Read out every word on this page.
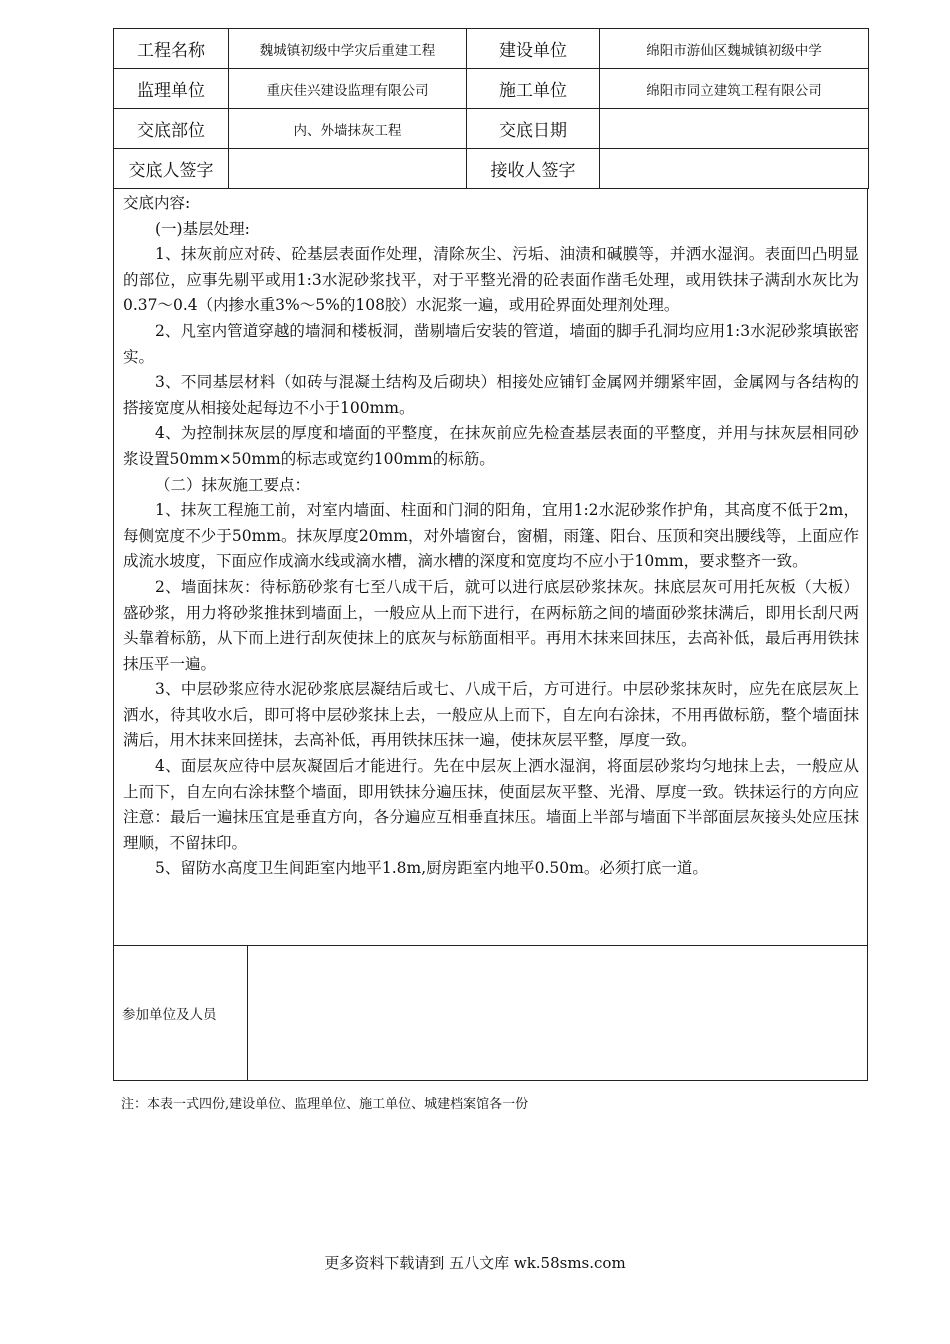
工程名称	魏城镇初级中学灾后重建工程	建设单位	绵阳市游仙区魏城镇初级中学
监理单位	重庆佳兴建设监理有限公司	施工单位	绵阳市同立建筑工程有限公司
交底部位	内、外墙抹灰工程	交底日期	
交底人签字		接收人签字	

交底内容:

(一)基层处理:

1、抹灰前应对砖、砼基层表面作处理，清除灰尘、污垢、油渍和碱膜等，并洒水湿润。表面凹凸明显的部位，应事先剔平或用1:3水泥砂浆找平，对于平整光滑的砼表面作凿毛处理，或用铁抹子满刮水灰比为0.37～0.4（内掺水重3%～5%的108胶）水泥浆一遍，或用砼界面处理剂处理。

2、凡室内管道穿越的墙洞和楼板洞，凿剔墙后安装的管道，墙面的脚手孔洞均应用1:3水泥砂浆填嵌密实。

3、不同基层材料（如砖与混凝土结构及后砌块）相接处应铺钉金属网并绷紧牢固，金属网与各结构的搭接宽度从相接处起每边不小于100mm。

4、为控制抹灰层的厚度和墙面的平整度，在抹灰前应先检查基层表面的平整度，并用与抹灰层相同砂浆设置50mm×50mm的标志或宽约100mm的标筋。

（二）抹灰施工要点：

1、抹灰工程施工前，对室内墙面、柱面和门洞的阳角，宜用1:2水泥砂浆作护角，其高度不低于2m，每侧宽度不少于50mm。抹灰厚度20mm，对外墙窗台，窗楣，雨篷、阳台、压顶和突出腰线等，上面应作成流水坡度，下面应作成滴水线或滴水槽，滴水槽的深度和宽度均不应小于10mm，要求整齐一致。

2、墙面抹灰：待标筋砂浆有七至八成干后，就可以进行底层砂浆抹灰。抹底层灰可用托灰板（大板）盛砂浆，用力将砂浆推抹到墙面上，一般应从上而下进行，在两标筋之间的墙面砂浆抹满后，即用长刮尺两头靠着标筋，从下而上进行刮灰使抹上的底灰与标筋面相平。再用木抹来回抹压，去高补低，最后再用铁抹抹压平一遍。

3、中层砂浆应待水泥砂浆底层凝结后或七、八成干后，方可进行。中层砂浆抹灰时，应先在底层灰上洒水，待其收水后，即可将中层砂浆抹上去，一般应从上而下，自左向右涂抹，不用再做标筋，整个墙面抹满后，用木抹来回搓抹，去高补低，再用铁抹压抹一遍，使抹灰层平整，厚度一致。

4、面层灰应待中层灰凝固后才能进行。先在中层灰上洒水湿润，将面层砂浆均匀地抹上去，一般应从上而下，自左向右涂抹整个墙面，即用铁抹分遍压抹，使面层灰平整、光滑、厚度一致。铁抹运行的方向应注意：最后一遍抹压宜是垂直方向，各分遍应互相垂直抹压。墙面上半部与墙面下半部面层灰接头处应压抹理顺，不留抹印。

5、留防水高度卫生间距室内地平1.8m,厨房距室内地平0.50m。必须打底一道。

参加单位及人员
注：本表一式四份,建设单位、监理单位、施工单位、城建档案馆各一份
更多资料下载请到 五八文库 wk.58sms.com
